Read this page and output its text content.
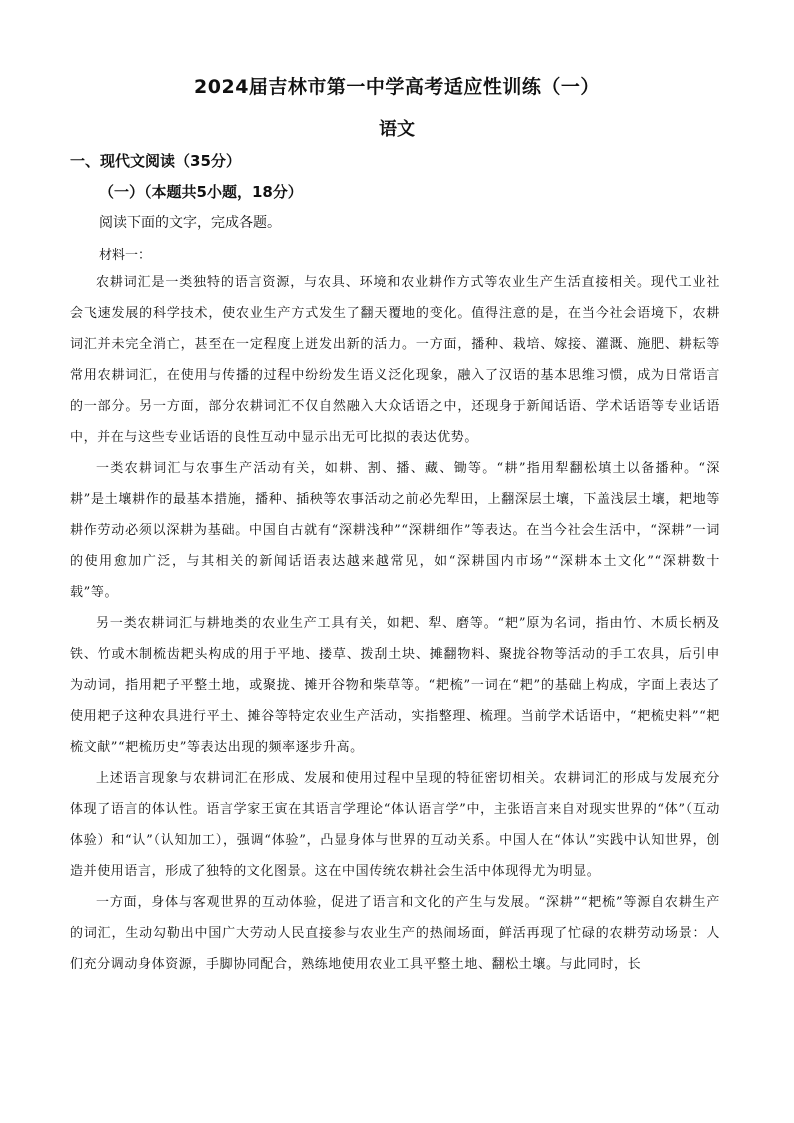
2024届吉林市第一中学高考适应性训练（一）
语文
一、现代文阅读（35分）
（一）（本题共5小题，18分）
阅读下面的文字，完成各题。
材料一：

农耕词汇是一类独特的语言资源，与农具、环境和农业耕作方式等农业生产生活直接相关。现代工业社会飞速发展的科学技术，使农业生产方式发生了翻天覆地的变化。值得注意的是，在当今社会语境下，农耕词汇并未完全消亡，甚至在一定程度上迸发出新的活力。一方面，播种、栽培、嫁接、灌溉、施肥、耕耘等常用农耕词汇，在使用与传播的过程中纷纷发生语义泛化现象，融入了汉语的基本思维习惯，成为日常语言的一部分。另一方面，部分农耕词汇不仅自然融入大众话语之中，还现身于新闻话语、学术话语等专业话语中，并在与这些专业话语的良性互动中显示出无可比拟的表达优势。

一类农耕词汇与农事生产活动有关，如耕、割、播、藏、锄等。“耕”指用犁翻松填土以备播种。“深耕”是土壤耕作的最基本措施，播种、插秧等农事活动之前必先犁田，上翻深层土壤，下盖浅层土壤，耙地等耕作劳动必须以深耕为基础。中国自古就有“深耕浅种”“深耕细作”等表达。在当今社会生活中，“深耕”一词的使用愈加广泛，与其相关的新闻话语表达越来越常见，如“深耕国内市场”“深耕本土文化”“深耕数十载”等。

另一类农耕词汇与耕地类的农业生产工具有关，如耙、犁、磨等。“耙”原为名词，指由竹、木质长柄及铁、竹或木制梳齿耙头构成的用于平地、搂草、拨刮土块、摊翻物料、聚拢谷物等活动的手工农具，后引申为动词，指用耙子平整土地，或聚拢、摊开谷物和柴草等。“耙梳”一词在“耙”的基础上构成，字面上表达了使用耙子这种农具进行平土、摊谷等特定农业生产活动，实指整理、梳理。当前学术话语中，“耙梳史料”“耙梳文献”“耙梳历史”等表达出现的频率逐步升高。

上述语言现象与农耕词汇在形成、发展和使用过程中呈现的特征密切相关。农耕词汇的形成与发展充分体现了语言的体认性。语言学家王寅在其语言学理论“体认语言学”中，主张语言来自对现实世界的“体”（互动体验）和“认”（认知加工），强调“体验”，凸显身体与世界的互动关系。中国人在“体认”实践中认知世界，创造并使用语言，形成了独特的文化图景。这在中国传统农耕社会生活中体现得尤为明显。

一方面，身体与客观世界的互动体验，促进了语言和文化的产生与发展。“深耕”“耙梳”等源自农耕生产的词汇，生动勾勒出中国广大劳动人民直接参与农业生产的热闹场面，鲜活再现了忙碌的农耕劳动场景：人们充分调动身体资源，手脚协同配合，熟练地使用农业工具平整土地、翻松土壤。与此同时，长
